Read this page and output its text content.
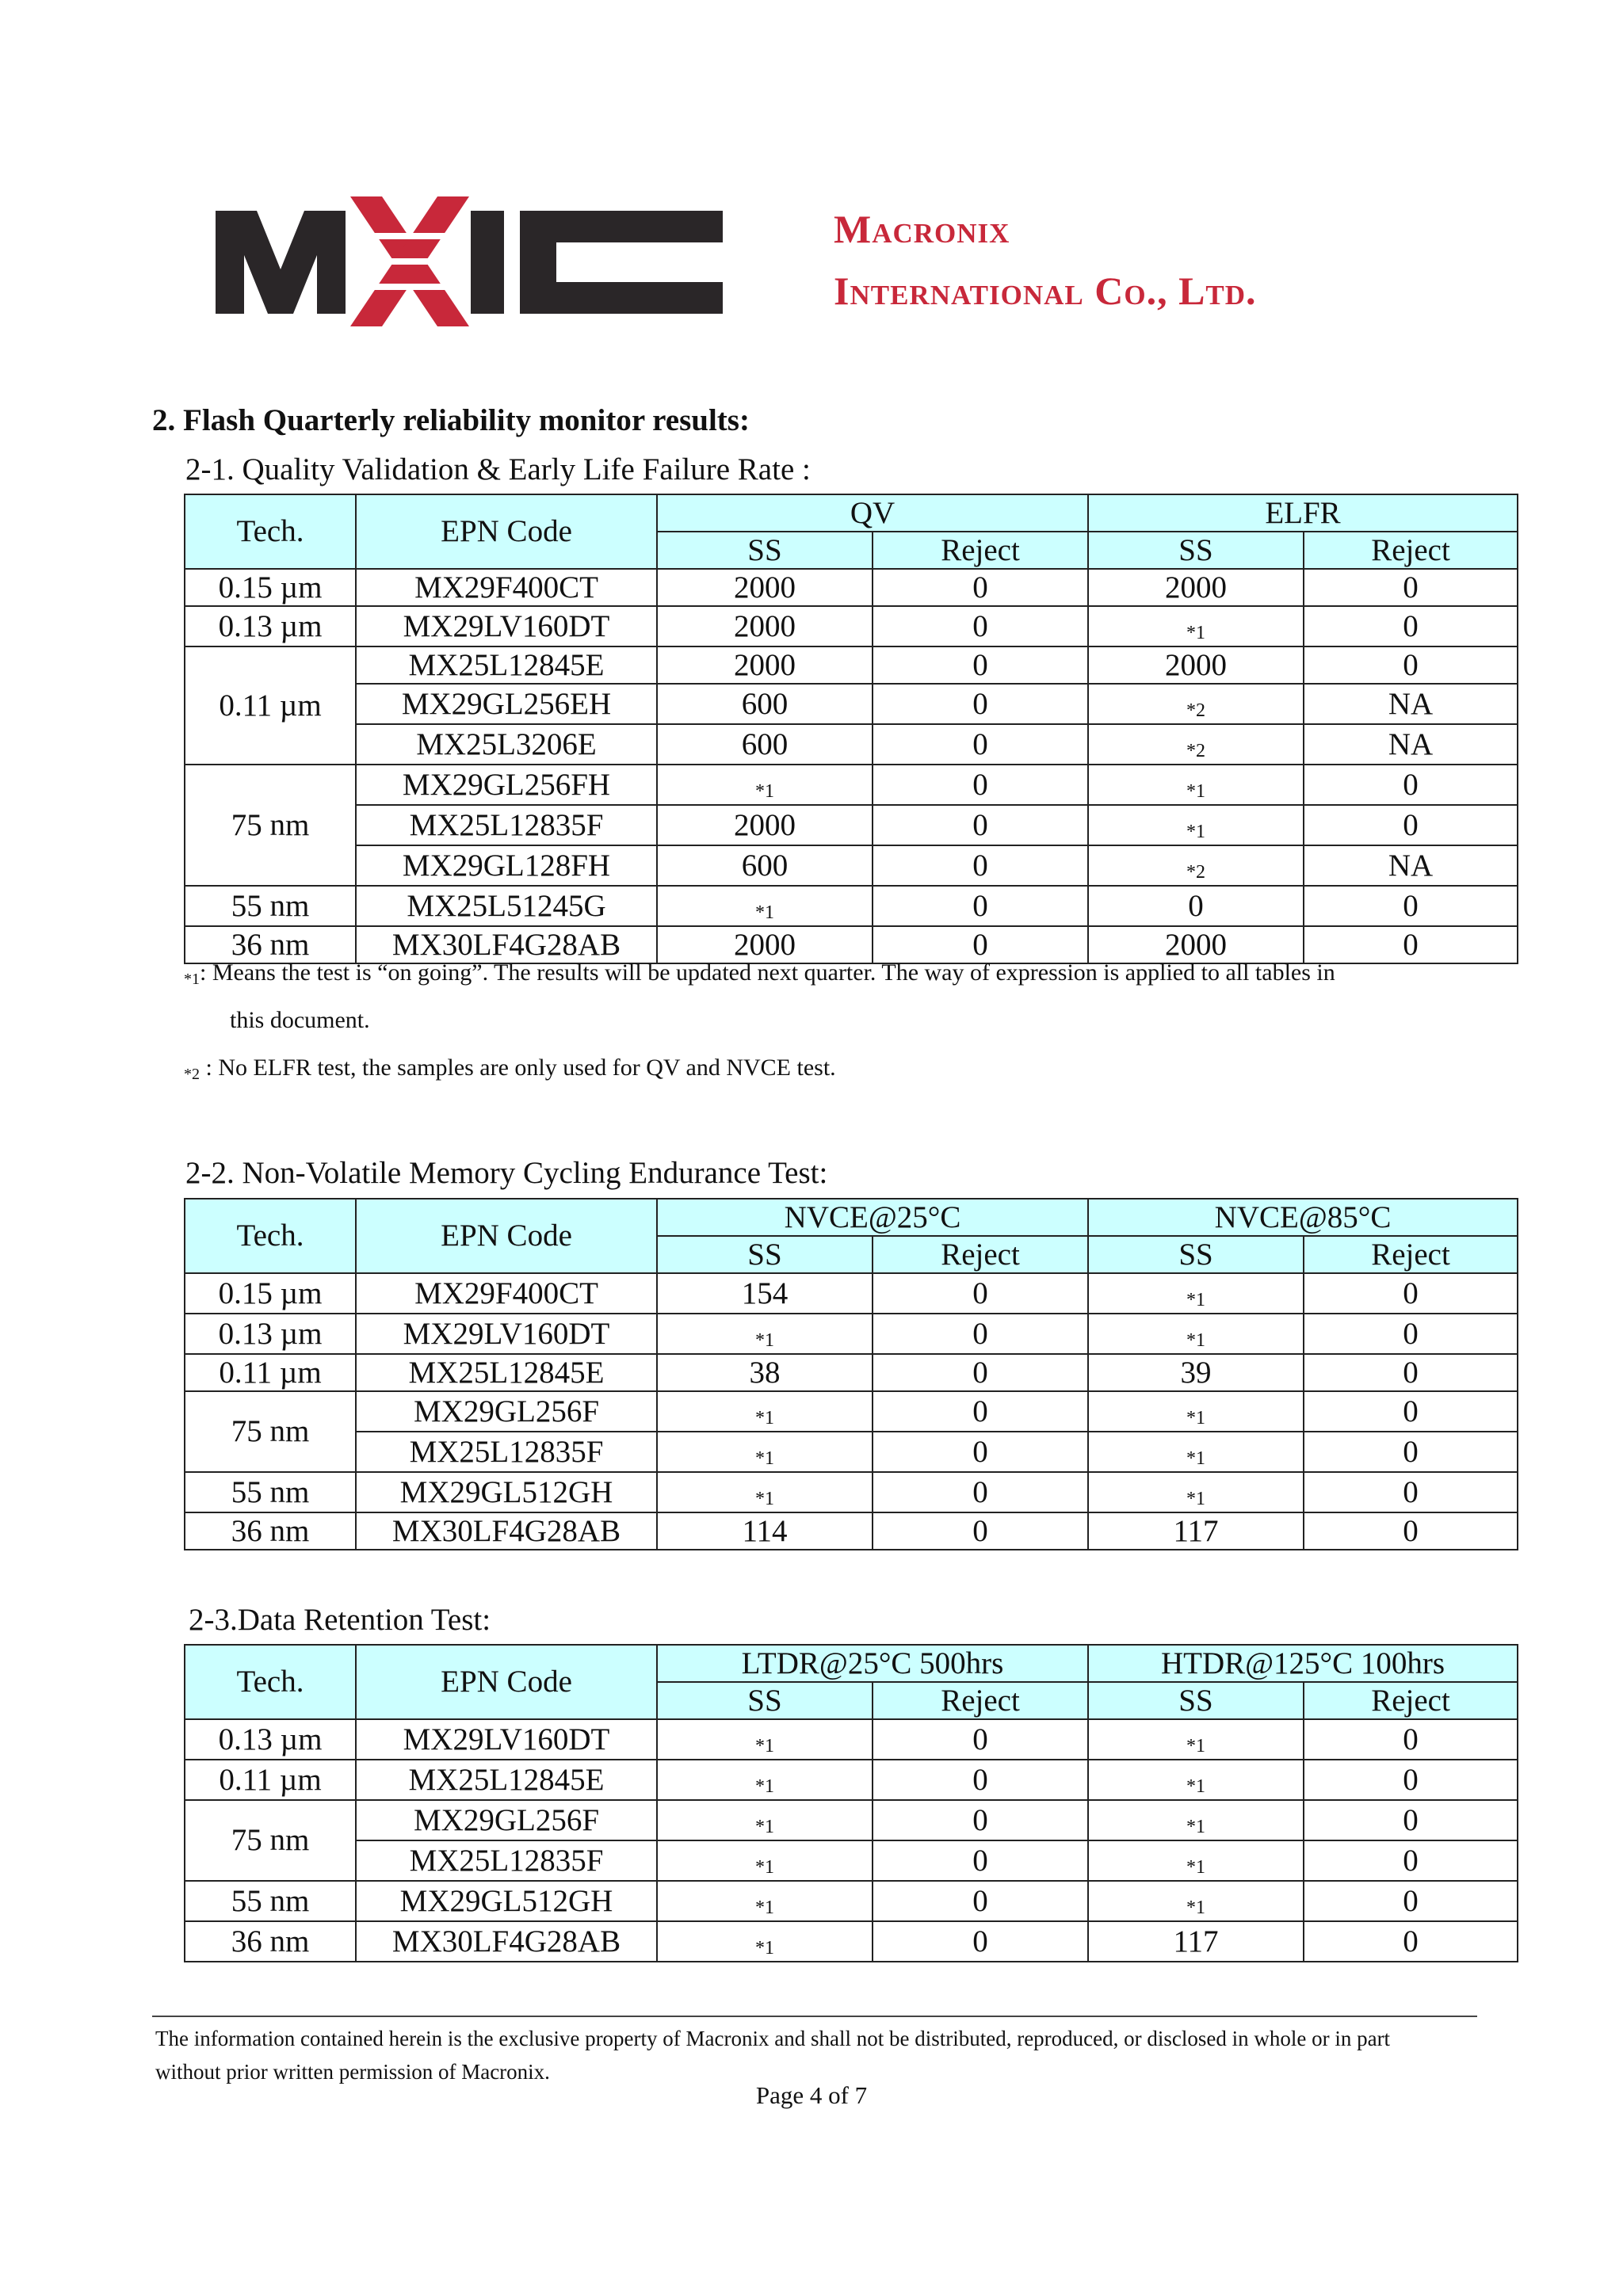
Macronix
International Co., Ltd.
2. Flash Quarterly reliability monitor results:
2-1. Quality Validation & Early Life Failure Rate :
Tech.	EPN Code	QV		ELFR	
		SS	Reject	SS	Reject
0.15 µm	MX29F400CT	2000	0	2000	0
0.13 µm	MX29LV160DT	2000	0	*1	0
0.11 µm	MX25L12845E	2000	0	2000	0
	MX29GL256EH	600	0	*2	NA
	MX25L3206E	600	0	*2	NA
75 nm	MX29GL256FH	*1	0	*1	0
	MX25L12835F	2000	0	*1	0
	MX29GL128FH	600	0	*2	NA
55 nm	MX25L51245G	*1	0	0	0
36 nm	MX30LF4G28AB	2000	0	2000	0
*1: Means the test is “on going”. The results will be updated next quarter. The way of expression is applied to all tables in
this document.
*2 : No ELFR test, the samples are only used for QV and NVCE test.
2-2. Non-Volatile Memory Cycling Endurance Test:
Tech.	EPN Code	NVCE@25°C		NVCE@85°C	
		SS	Reject	SS	Reject
0.15 µm	MX29F400CT	154	0	*1	0
0.13 µm	MX29LV160DT	*1	0	*1	0
0.11 µm	MX25L12845E	38	0	39	0
75 nm	MX29GL256F	*1	0	*1	0
	MX25L12835F	*1	0	*1	0
55 nm	MX29GL512GH	*1	0	*1	0
36 nm	MX30LF4G28AB	114	0	117	0
2-3.Data Retention Test:
Tech.	EPN Code	LTDR@25°C 500hrs		HTDR@125°C 100hrs	
		SS	Reject	SS	Reject
0.13 µm	MX29LV160DT	*1	0	*1	0
0.11 µm	MX25L12845E	*1	0	*1	0
75 nm	MX29GL256F	*1	0	*1	0
	MX25L12835F	*1	0	*1	0
55 nm	MX29GL512GH	*1	0	*1	0
36 nm	MX30LF4G28AB	*1	0	117	0
The information contained herein is the exclusive property of Macronix and shall not be distributed, reproduced, or disclosed in whole or in part
without prior written permission of Macronix.
Page 4 of 7
